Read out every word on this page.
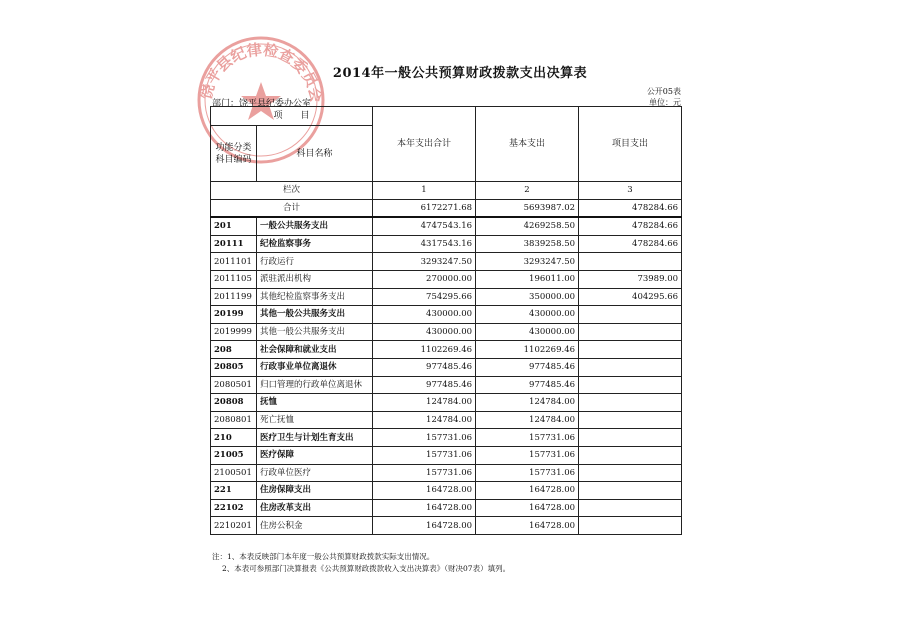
饶平县纪律检查委员会
2014年一般公共预算财政拨款支出决算表
公开05表
单位：元
部门：饶平县纪委办公室
项　　目		本年支出合计	基本支出	项目支出
功能分类科目编码	科目名称			
栏次		1	2	3
合计		6172271.68	5693987.02	478284.66
201	一般公共服务支出	4747543.16	4269258.50	478284.66
20111	纪检监察事务	4317543.16	3839258.50	478284.66
2011101	行政运行	3293247.50	3293247.50	
2011105	派驻派出机构	270000.00	196011.00	73989.00
2011199	其他纪检监察事务支出	754295.66	350000.00	404295.66
20199	其他一般公共服务支出	430000.00	430000.00	
2019999	其他一般公共服务支出	430000.00	430000.00	
208	社会保障和就业支出	1102269.46	1102269.46	
20805	行政事业单位离退休	977485.46	977485.46	
2080501	归口管理的行政单位离退休	977485.46	977485.46	
20808	抚恤	124784.00	124784.00	
2080801	死亡抚恤	124784.00	124784.00	
210	医疗卫生与计划生育支出	157731.06	157731.06	
21005	医疗保障	157731.06	157731.06	
2100501	行政单位医疗	157731.06	157731.06	
221	住房保障支出	164728.00	164728.00	
22102	住房改革支出	164728.00	164728.00	
2210201	住房公积金	164728.00	164728.00	
注：1、本表反映部门本年度一般公共预算财政拨款实际支出情况。
2、本表可参照部门决算报表《公共预算财政拨款收入支出决算表》（财决07表）填列。
